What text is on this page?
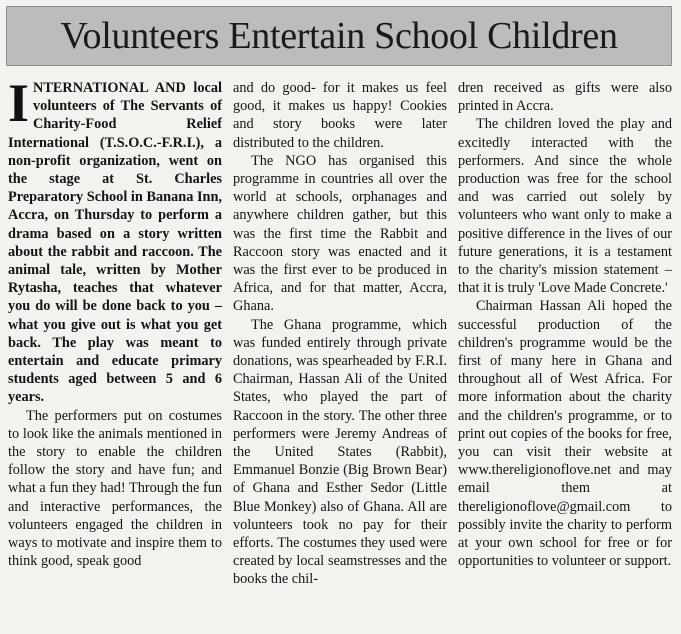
Volunteers Entertain School Children

INTERNATIONAL AND local volunteers of The Servants of Charity-Food Relief International (T.S.O.C.-F.R.I.), a non-profit organization, went on the stage at St. Charles Preparatory School in Banana Inn, Accra, on Thursday to perform a drama based on a story written about the rabbit and raccoon. The animal tale, written by Mother Rytasha, teaches that whatever you do will be done back to you – what you give out is what you get back. The play was meant to entertain and educate primary students aged between 5 and 6 years.

The performers put on costumes to look like the animals mentioned in the story to enable the children follow the story and have fun; and what a fun they had! Through the fun and interactive performances, the volunteers engaged the children in ways to motivate and inspire them to think good, speak good

and do good- for it makes us feel good, it makes us happy! Cookies and story books were later distributed to the children.

The NGO has organised this programme in countries all over the world at schools, orphanages and anywhere children gather, but this was the first time the Rabbit and Raccoon story was enacted and it was the first ever to be produced in Africa, and for that matter, Accra, Ghana.

The Ghana programme, which was funded entirely through private donations, was spearheaded by F.R.I. Chairman, Hassan Ali of the United States, who played the part of Raccoon in the story. The other three performers were Jeremy Andreas of the United States (Rabbit), Emmanuel Bonzie (Big Brown Bear) of Ghana and Esther Sedor (Little Blue Monkey) also of Ghana. All are volunteers took no pay for their efforts. The costumes they used were created by local seamstresses and the books the chil-

dren received as gifts were also printed in Accra.

The children loved the play and excitedly interacted with the performers. And since the whole production was free for the school and was carried out solely by volunteers who want only to make a positive difference in the lives of our future generations, it is a testament to the charity's mission statement – that it is truly 'Love Made Concrete.'

Chairman Hassan Ali hoped the successful production of the children's programme would be the first of many here in Ghana and throughout all of West Africa. For more information about the charity and the children's programme, or to print out copies of the books for free, you can visit their website at www.thereligionoflove.net and may email them at thereligionoflove@gmail.com to possibly invite the charity to perform at your own school for free or for opportunities to volunteer or support.
